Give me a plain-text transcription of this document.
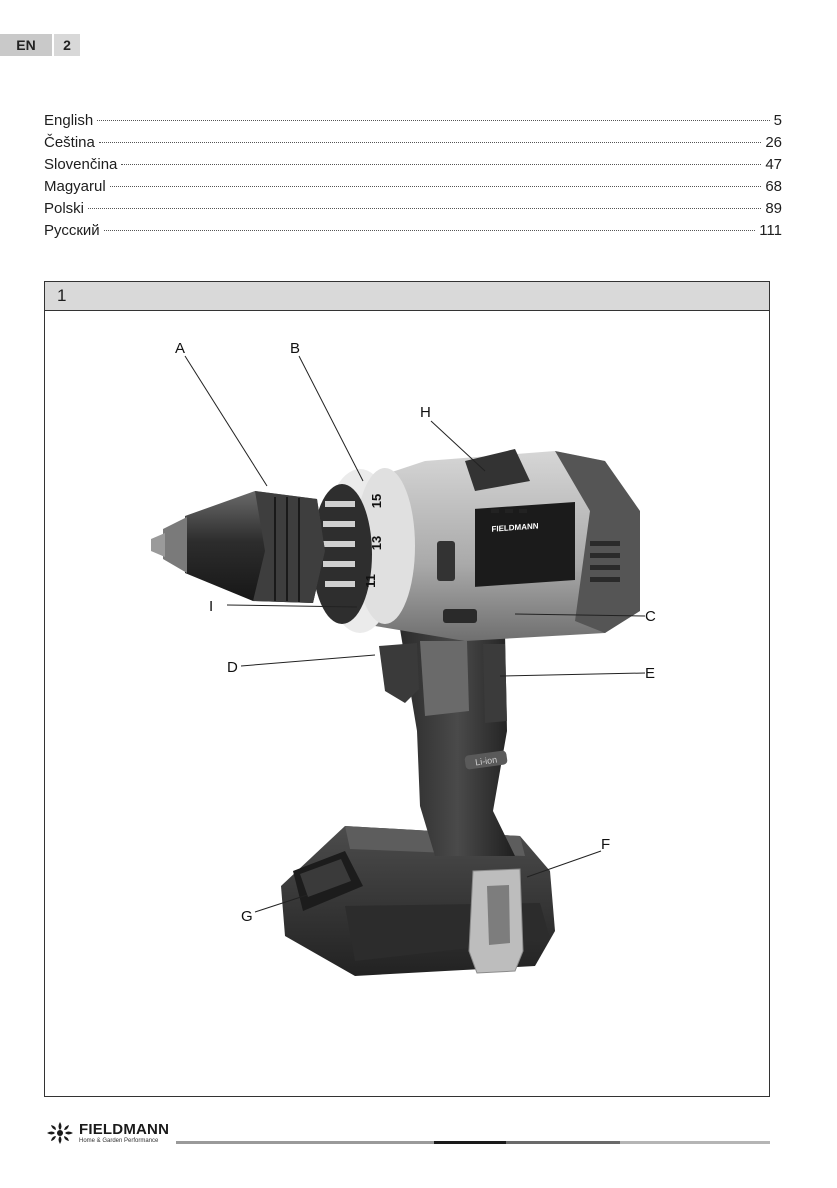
EN	2
English	5
Čeština	26
Slovenčina	47
Magyarul	68
Polski	89
Русский	111
1
Li-ion
FIELDMANN
15
13
11
A	B
H
I
D
C
E
F
G
FIELDMANN
Home & Garden Performance
